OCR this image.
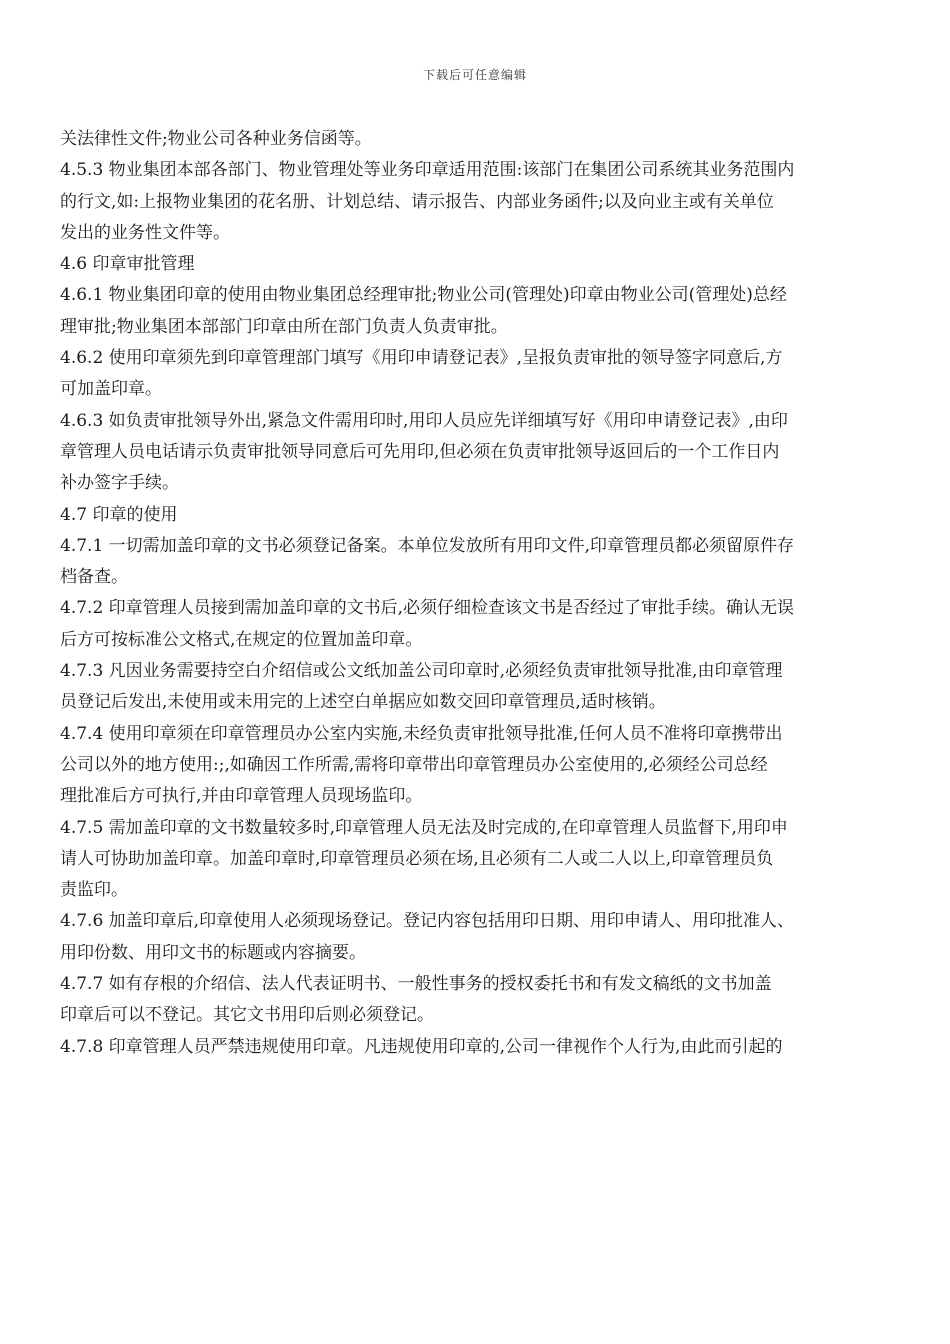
下载后可任意编辑
关法律性文件;物业公司各种业务信函等。
4.5.3 物业集团本部各部门、物业管理处等业务印章适用范围:该部门在集团公司系统其业务范围内
的行文,如:上报物业集团的花名册、计划总结、请示报告、内部业务函件;以及向业主或有关单位
发出的业务性文件等。
4.6 印章审批管理
4.6.1 物业集团印章的使用由物业集团总经理审批;物业公司(管理处)印章由物业公司(管理处)总经
理审批;物业集团本部部门印章由所在部门负责人负责审批。
4.6.2 使用印章须先到印章管理部门填写《用印申请登记表》,呈报负责审批的领导签字同意后,方
可加盖印章。
4.6.3 如负责审批领导外出,紧急文件需用印时,用印人员应先详细填写好《用印申请登记表》,由印
章管理人员电话请示负责审批领导同意后可先用印,但必须在负责审批领导返回后的一个工作日内
补办签字手续。
4.7 印章的使用
4.7.1 一切需加盖印章的文书必须登记备案。本单位发放所有用印文件,印章管理员都必须留原件存
档备查。
4.7.2 印章管理人员接到需加盖印章的文书后,必须仔细检查该文书是否经过了审批手续。确认无误
后方可按标准公文格式,在规定的位置加盖印章。
4.7.3 凡因业务需要持空白介绍信或公文纸加盖公司印章时,必须经负责审批领导批准,由印章管理
员登记后发出,未使用或未用完的上述空白单据应如数交回印章管理员,适时核销。
4.7.4 使用印章须在印章管理员办公室内实施,未经负责审批领导批准,任何人员不准将印章携带出
公司以外的地方使用:;,如确因工作所需,需将印章带出印章管理员办公室使用的,必须经公司总经
理批准后方可执行,并由印章管理人员现场监印。
4.7.5 需加盖印章的文书数量较多时,印章管理人员无法及时完成的,在印章管理人员监督下,用印申
请人可协助加盖印章。加盖印章时,印章管理员必须在场,且必须有二人或二人以上,印章管理员负
责监印。
4.7.6 加盖印章后,印章使用人必须现场登记。登记内容包括用印日期、用印申请人、用印批准人、
用印份数、用印文书的标题或内容摘要。
4.7.7 如有存根的介绍信、法人代表证明书、一般性事务的授权委托书和有发文稿纸的文书加盖
印章后可以不登记。其它文书用印后则必须登记。
4.7.8 印章管理人员严禁违规使用印章。凡违规使用印章的,公司一律视作个人行为,由此而引起的
